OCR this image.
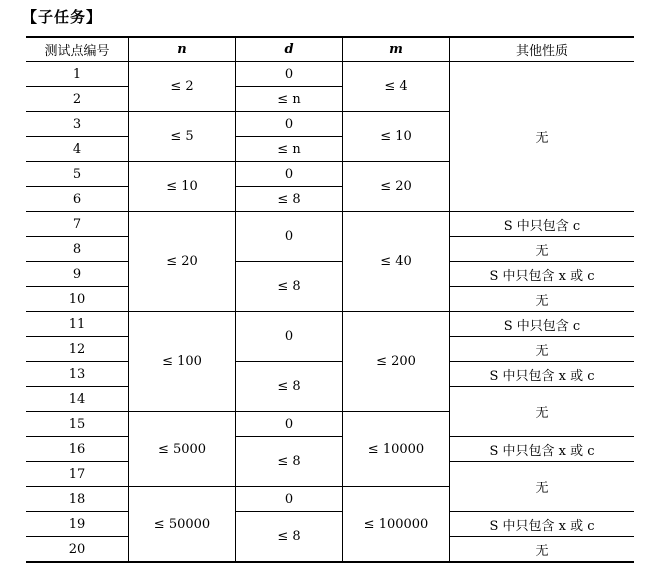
【子任务】
测试点编号	n	d	m	其他性质
1	≤ 2	0	≤ 4	无
2		≤ n		
3	≤ 5	0	≤ 10	
4		≤ n		
5	≤ 10	0	≤ 20	
6		≤ 8		
7	≤ 20	0	≤ 40	S 中只包含 c
8				无
9		≤ 8		S 中只包含 x 或 c
10				无
11	≤ 100	0	≤ 200	S 中只包含 c
12				无
13		≤ 8		S 中只包含 x 或 c
14				无
15	≤ 5000	0	≤ 10000	
16		≤ 8		S 中只包含 x 或 c
17				无
18	≤ 50000	0	≤ 100000	
19		≤ 8		S 中只包含 x 或 c
20				无
